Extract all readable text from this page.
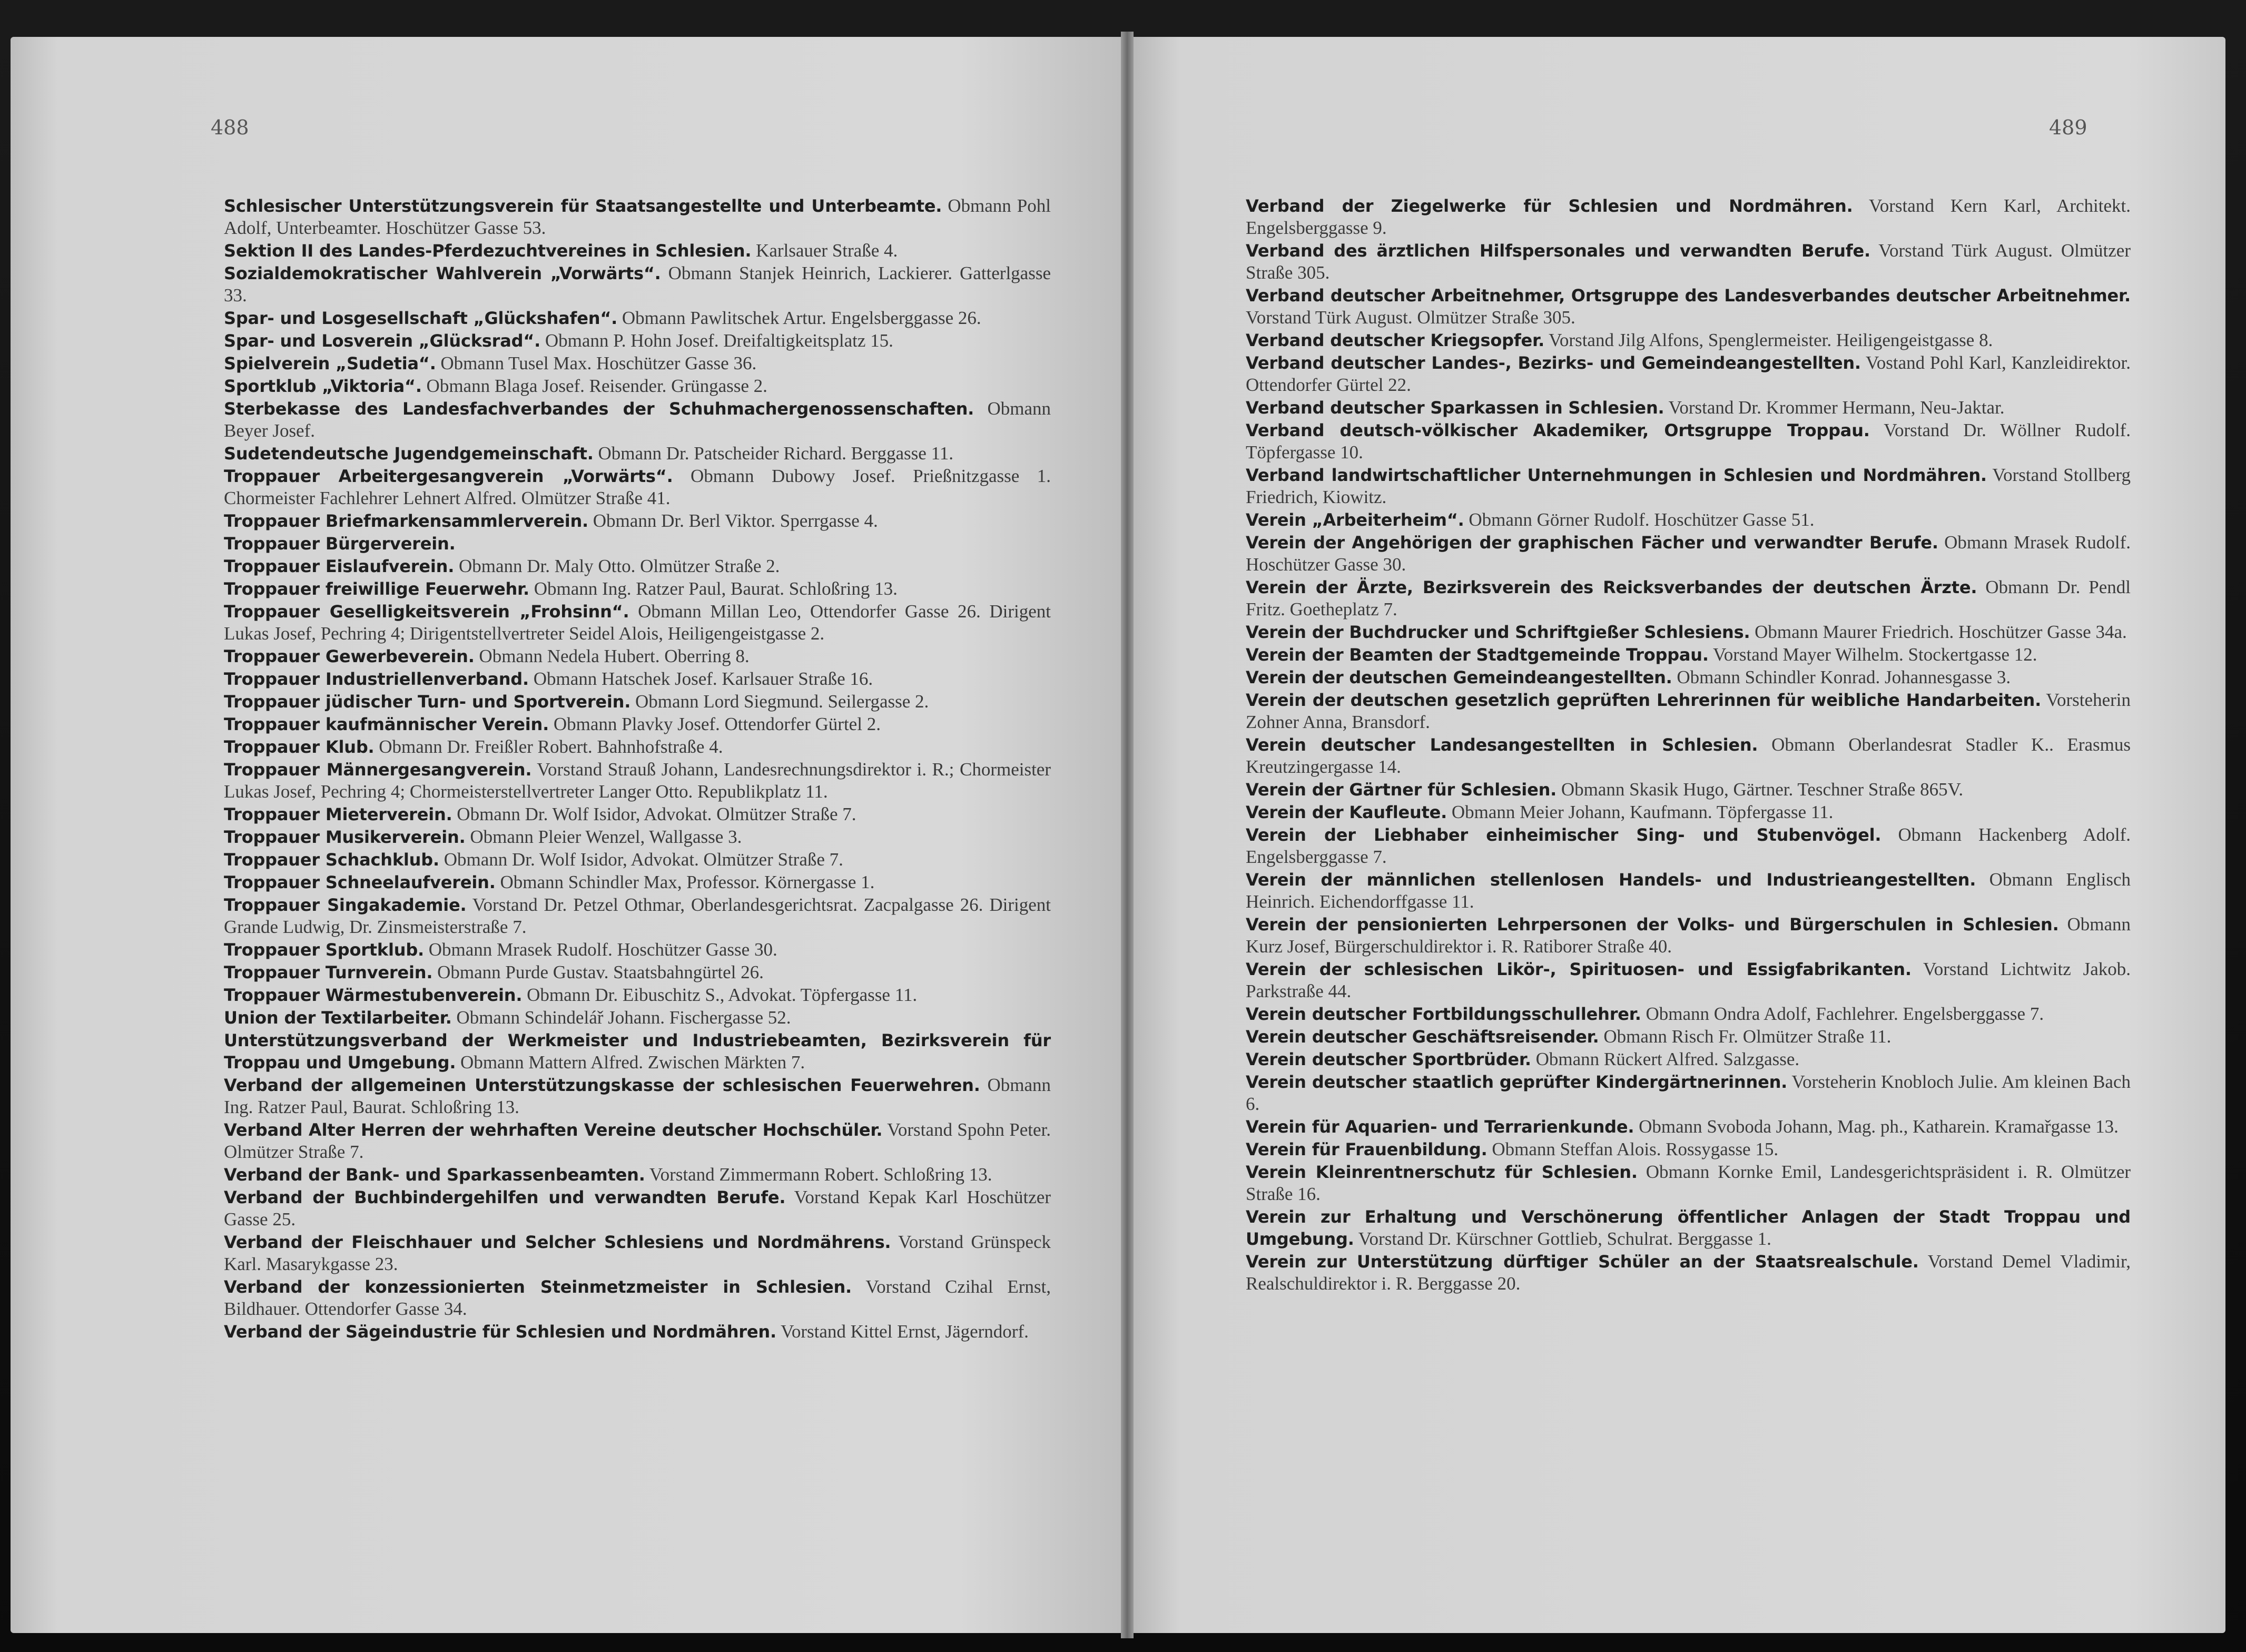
488
Schlesischer Unterstützungsverein für Staatsangestellte und Unterbeamte. Obmann Pohl Adolf, Unterbeamter. Hoschützer Gasse 53.
Sektion II des Landes-Pferdezuchtvereines in Schlesien. Karlsauer Straße 4.
Sozialdemokratischer Wahlverein „Vorwärts“. Obmann Stanjek Heinrich, Lackierer. Gatterlgasse 33.
Spar- und Losgesellschaft „Glückshafen“. Obmann Pawlitschek Artur. Engelsberggasse 26.
Spar- und Losverein „Glücksrad“. Obmann P. Hohn Josef. Dreifaltigkeitsplatz 15.
Spielverein „Sudetia“. Obmann Tusel Max. Hoschützer Gasse 36.
Sportklub „Viktoria“. Obmann Blaga Josef. Reisender. Grüngasse 2.
Sterbekasse des Landesfachverbandes der Schuhmachergenossenschaften. Obmann Beyer Josef.
Sudetendeutsche Jugendgemeinschaft. Obmann Dr. Patscheider Richard. Berggasse 11.
Troppauer Arbeitergesangverein „Vorwärts“. Obmann Dubowy Josef. Prießnitzgasse 1. Chormeister Fachlehrer Lehnert Alfred. Olmützer Straße 41.
Troppauer Briefmarkensammlerverein. Obmann Dr. Berl Viktor. Sperrgasse 4.
Troppauer Bürgerverein.
Troppauer Eislaufverein. Obmann Dr. Maly Otto. Olmützer Straße 2.
Troppauer freiwillige Feuerwehr. Obmann Ing. Ratzer Paul, Baurat. Schloßring 13.
Troppauer Geselligkeitsverein „Frohsinn“. Obmann Millan Leo, Ottendorfer Gasse 26. Dirigent Lukas Josef, Pechring 4; Dirigentstellvertreter Seidel Alois, Heiligengeistgasse 2.
Troppauer Gewerbeverein. Obmann Nedela Hubert. Oberring 8.
Troppauer Industriellenverband. Obmann Hatschek Josef. Karlsauer Straße 16.
Troppauer jüdischer Turn- und Sportverein. Obmann Lord Siegmund. Seilergasse 2.
Troppauer kaufmännischer Verein. Obmann Plavky Josef. Ottendorfer Gürtel 2.
Troppauer Klub. Obmann Dr. Freißler Robert. Bahnhofstraße 4.
Troppauer Männergesangverein. Vorstand Strauß Johann, Landesrechnungsdirektor i. R.; Chormeister Lukas Josef, Pechring 4; Chormeisterstellvertreter Langer Otto. Republikplatz 11.
Troppauer Mieterverein. Obmann Dr. Wolf Isidor, Advokat. Olmützer Straße 7.
Troppauer Musikerverein. Obmann Pleier Wenzel, Wallgasse 3.
Troppauer Schachklub. Obmann Dr. Wolf Isidor, Advokat. Olmützer Straße 7.
Troppauer Schneelaufverein. Obmann Schindler Max, Professor. Körnergasse 1.
Troppauer Singakademie. Vorstand Dr. Petzel Othmar, Oberlandesgerichtsrat. Zacpalgasse 26. Dirigent Grande Ludwig, Dr. Zinsmeisterstraße 7.
Troppauer Sportklub. Obmann Mrasek Rudolf. Hoschützer Gasse 30.
Troppauer Turnverein. Obmann Purde Gustav. Staatsbahngürtel 26.
Troppauer Wärmestubenverein. Obmann Dr. Eibuschitz S., Advokat. Töpfergasse 11.
Union der Textilarbeiter. Obmann Schindelář Johann. Fischergasse 52.
Unterstützungsverband der Werkmeister und Industriebeamten, Bezirksverein für Troppau und Umgebung. Obmann Mattern Alfred. Zwischen Märkten 7.
Verband der allgemeinen Unterstützungskasse der schlesischen Feuerwehren. Obmann Ing. Ratzer Paul, Baurat. Schloßring 13.
Verband Alter Herren der wehrhaften Vereine deutscher Hochschüler. Vorstand Spohn Peter. Olmützer Straße 7.
Verband der Bank- und Sparkassenbeamten. Vorstand Zimmermann Robert. Schloßring 13.
Verband der Buchbindergehilfen und verwandten Berufe. Vorstand Kepak Karl Hoschützer Gasse 25.
Verband der Fleischhauer und Selcher Schlesiens und Nordmährens. Vorstand Grünspeck Karl. Masarykgasse 23.
Verband der konzessionierten Steinmetzmeister in Schlesien. Vorstand Czihal Ernst, Bildhauer. Ottendorfer Gasse 34.
Verband der Sägeindustrie für Schlesien und Nordmähren. Vorstand Kittel Ernst, Jägerndorf.
489
Verband der Ziegelwerke für Schlesien und Nordmähren. Vorstand Kern Karl, Architekt. Engelsberggasse 9.
Verband des ärztlichen Hilfspersonales und verwandten Berufe. Vorstand Türk August. Olmützer Straße 305.
Verband deutscher Arbeitnehmer, Ortsgruppe des Landesverbandes deutscher Arbeitnehmer.Vorstand Türk August. Olmützer Straße 305.
Verband deutscher Kriegsopfer. Vorstand Jilg Alfons, Spenglermeister. Heiligengeistgasse 8.
Verband deutscher Landes-, Bezirks- und Gemeindeangestellten. Vostand Pohl Karl, Kanzleidirektor. Ottendorfer Gürtel 22.
Verband deutscher Sparkassen in Schlesien. Vorstand Dr. Krommer Hermann, Neu-Jaktar.
Verband deutsch-völkischer Akademiker, Ortsgruppe Troppau. Vorstand Dr. Wöllner Rudolf. Töpfergasse 10.
Verband landwirtschaftlicher Unternehmungen in Schlesien und Nordmähren. Vorstand Stollberg Friedrich, Kiowitz.
Verein „Arbeiterheim“. Obmann Görner Rudolf. Hoschützer Gasse 51.
Verein der Angehörigen der graphischen Fächer und verwandter Berufe. Obmann Mrasek Rudolf. Hoschützer Gasse 30.
Verein der Ärzte, Bezirksverein des Reicksverbandes der deutschen Ärzte. Obmann Dr. Pendl Fritz. Goetheplatz 7.
Verein der Buchdrucker und Schriftgießer Schlesiens. Obmann Maurer Friedrich. Hoschützer Gasse 34a.
Verein der Beamten der Stadtgemeinde Troppau. Vorstand Mayer Wilhelm. Stockertgasse 12.
Verein der deutschen Gemeindeangestellten. Obmann Schindler Konrad. Johannesgasse 3.
Verein der deutschen gesetzlich geprüften Lehrerinnen für weibliche Handarbeiten. Vorsteherin Zohner Anna, Bransdorf.
Verein deutscher Landesangestellten in Schlesien. Obmann Oberlandesrat Stadler K.. Erasmus Kreutzingergasse 14.
Verein der Gärtner für Schlesien. Obmann Skasik Hugo, Gärtner. Teschner Straße 865V.
Verein der Kaufleute. Obmann Meier Johann, Kaufmann. Töpfergasse 11.
Verein der Liebhaber einheimischer Sing- und Stubenvögel. Obmann Hackenberg Adolf. Engelsberggasse 7.
Verein der männlichen stellenlosen Handels- und Industrieangestellten. Obmann Englisch Heinrich. Eichendorffgasse 11.
Verein der pensionierten Lehrpersonen der Volks- und Bürgerschulen in Schlesien. Obmann Kurz Josef, Bürgerschuldirektor i. R. Ratiborer Straße 40.
Verein der schlesischen Likör-, Spirituosen- und Essigfabrikanten. Vorstand Lichtwitz Jakob. Parkstraße 44.
Verein deutscher Fortbildungsschullehrer. Obmann Ondra Adolf, Fachlehrer. Engelsberggasse 7.
Verein deutscher Geschäftsreisender. Obmann Risch Fr. Olmützer Straße 11.
Verein deutscher Sportbrüder. Obmann Rückert Alfred. Salzgasse.
Verein deutscher staatlich geprüfter Kindergärtnerinnen. Vorsteherin Knobloch Julie. Am kleinen Bach 6.
Verein für Aquarien- und Terrarienkunde. Obmann Svoboda Johann, Mag. ph., Katharein. Kramařgasse 13.
Verein für Frauenbildung. Obmann Steffan Alois. Rossygasse 15.
Verein Kleinrentnerschutz für Schlesien. Obmann Kornke Emil, Landesgerichtspräsident i. R. Olmützer Straße 16.
Verein zur Erhaltung und Verschönerung öffentlicher Anlagen der Stadt Troppau und Umgebung. Vorstand Dr. Kürschner Gottlieb, Schulrat. Berggasse 1.
Verein zur Unterstützung dürftiger Schüler an der Staatsrealschule. Vorstand Demel Vladimir, Realschuldirektor i. R. Berggasse 20.
